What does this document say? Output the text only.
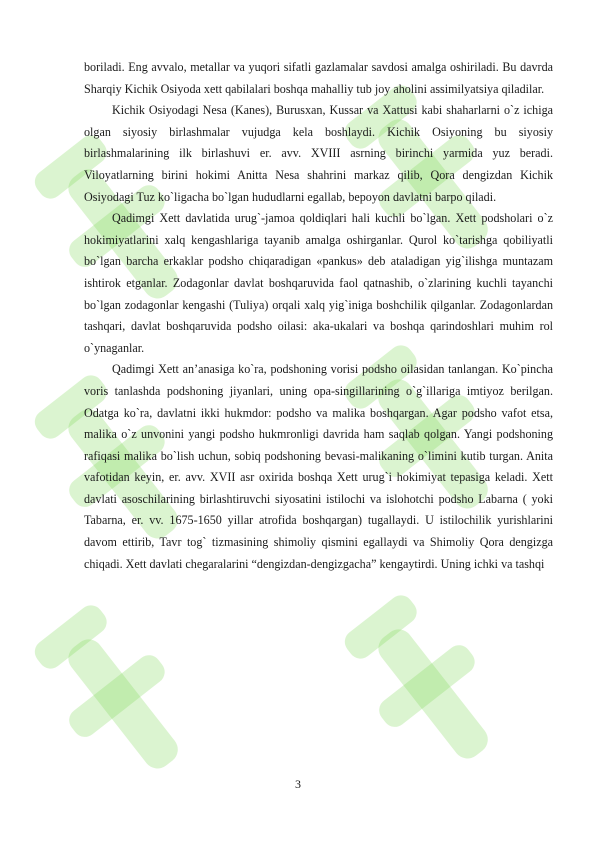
boriladi. Eng avvalo, metallar va yuqori sifatli gazlamalar savdosi amalga oshiriladi. Bu davrda Sharqiy Kichik Osiyoda xett qabilalari boshqa mahalliy tub joy aholini assimilyatsiya qiladilar.

Kichik Osiyodagi Nesa (Kanes), Burusxan, Kussar va Xattusi kabi shaharlarni o`z ichiga olgan siyosiy birlashmalar vujudga kela boshlaydi. Kichik Osiyoning bu siyosiy birlashmalarining ilk birlashuvi er. avv. XVIII asrning birinchi yarmida yuz beradi. Viloyatlarning birini hokimi Anitta Nesa shahrini markaz qilib, Qora dengizdan Kichik Osiyodagi Tuz ko`ligacha bo`lgan hududlarni egallab, bepoyon davlatni barpo qiladi.

Qadimgi Xett davlatida urug`-jamoa qoldiqlari hali kuchli bo`lgan. Xett podsholari o`z hokimiyatlarini xalq kengashlariga tayanib amalga oshirganlar. Qurol ko`tarishga qobiliyatli bo`lgan barcha erkaklar podsho chiqaradigan «pankus» deb ataladigan yig`ilishga muntazam ishtirok etganlar. Zodagonlar davlat boshqaruvida faol qatnashib, o`zlarining kuchli tayanchi bo`lgan zodagonlar kengashi (Tuliya) orqali xalq yig`iniga boshchilik qilganlar. Zodagonlardan tashqari, davlat boshqaruvida podsho oilasi: aka-ukalari va boshqa qarindoshlari muhim rol o`ynaganlar.

Qadimgi Xett an’anasiga ko`ra, podshoning vorisi podsho oilasidan tanlangan. Ko`pincha voris tanlashda podshoning jiyanlari, uning opa-singillarining o`g`illariga imtiyoz berilgan. Odatga ko`ra, davlatni ikki hukmdor: podsho va malika boshqargan. Agar podsho vafot etsa, malika o`z unvonini yangi podsho hukmronligi davrida ham saqlab qolgan. Yangi podshoning rafiqasi malika bo`lish uchun, sobiq podshoning bevasi-malikaning o`limini kutib turgan. Anita vafotidan keyin, er. avv. XVII asr oxirida boshqa Xett urug`i hokimiyat tepasiga keladi. Xett davlati asoschilarining birlashtiruvchi siyosatini istilochi va islohotchi podsho Labarna ( yoki Tabarna, er. vv. 1675-1650 yillar atrofida boshqargan) tugallaydi. U istilochilik yurishlarini davom ettirib, Tavr tog` tizmasining shimoliy qismini egallaydi va Shimoliy Qora dengizga chiqadi. Xett davlati chegaralarini “dengizdan-dengizgacha” kengaytirdi. Uning ichki va tashqi

3
